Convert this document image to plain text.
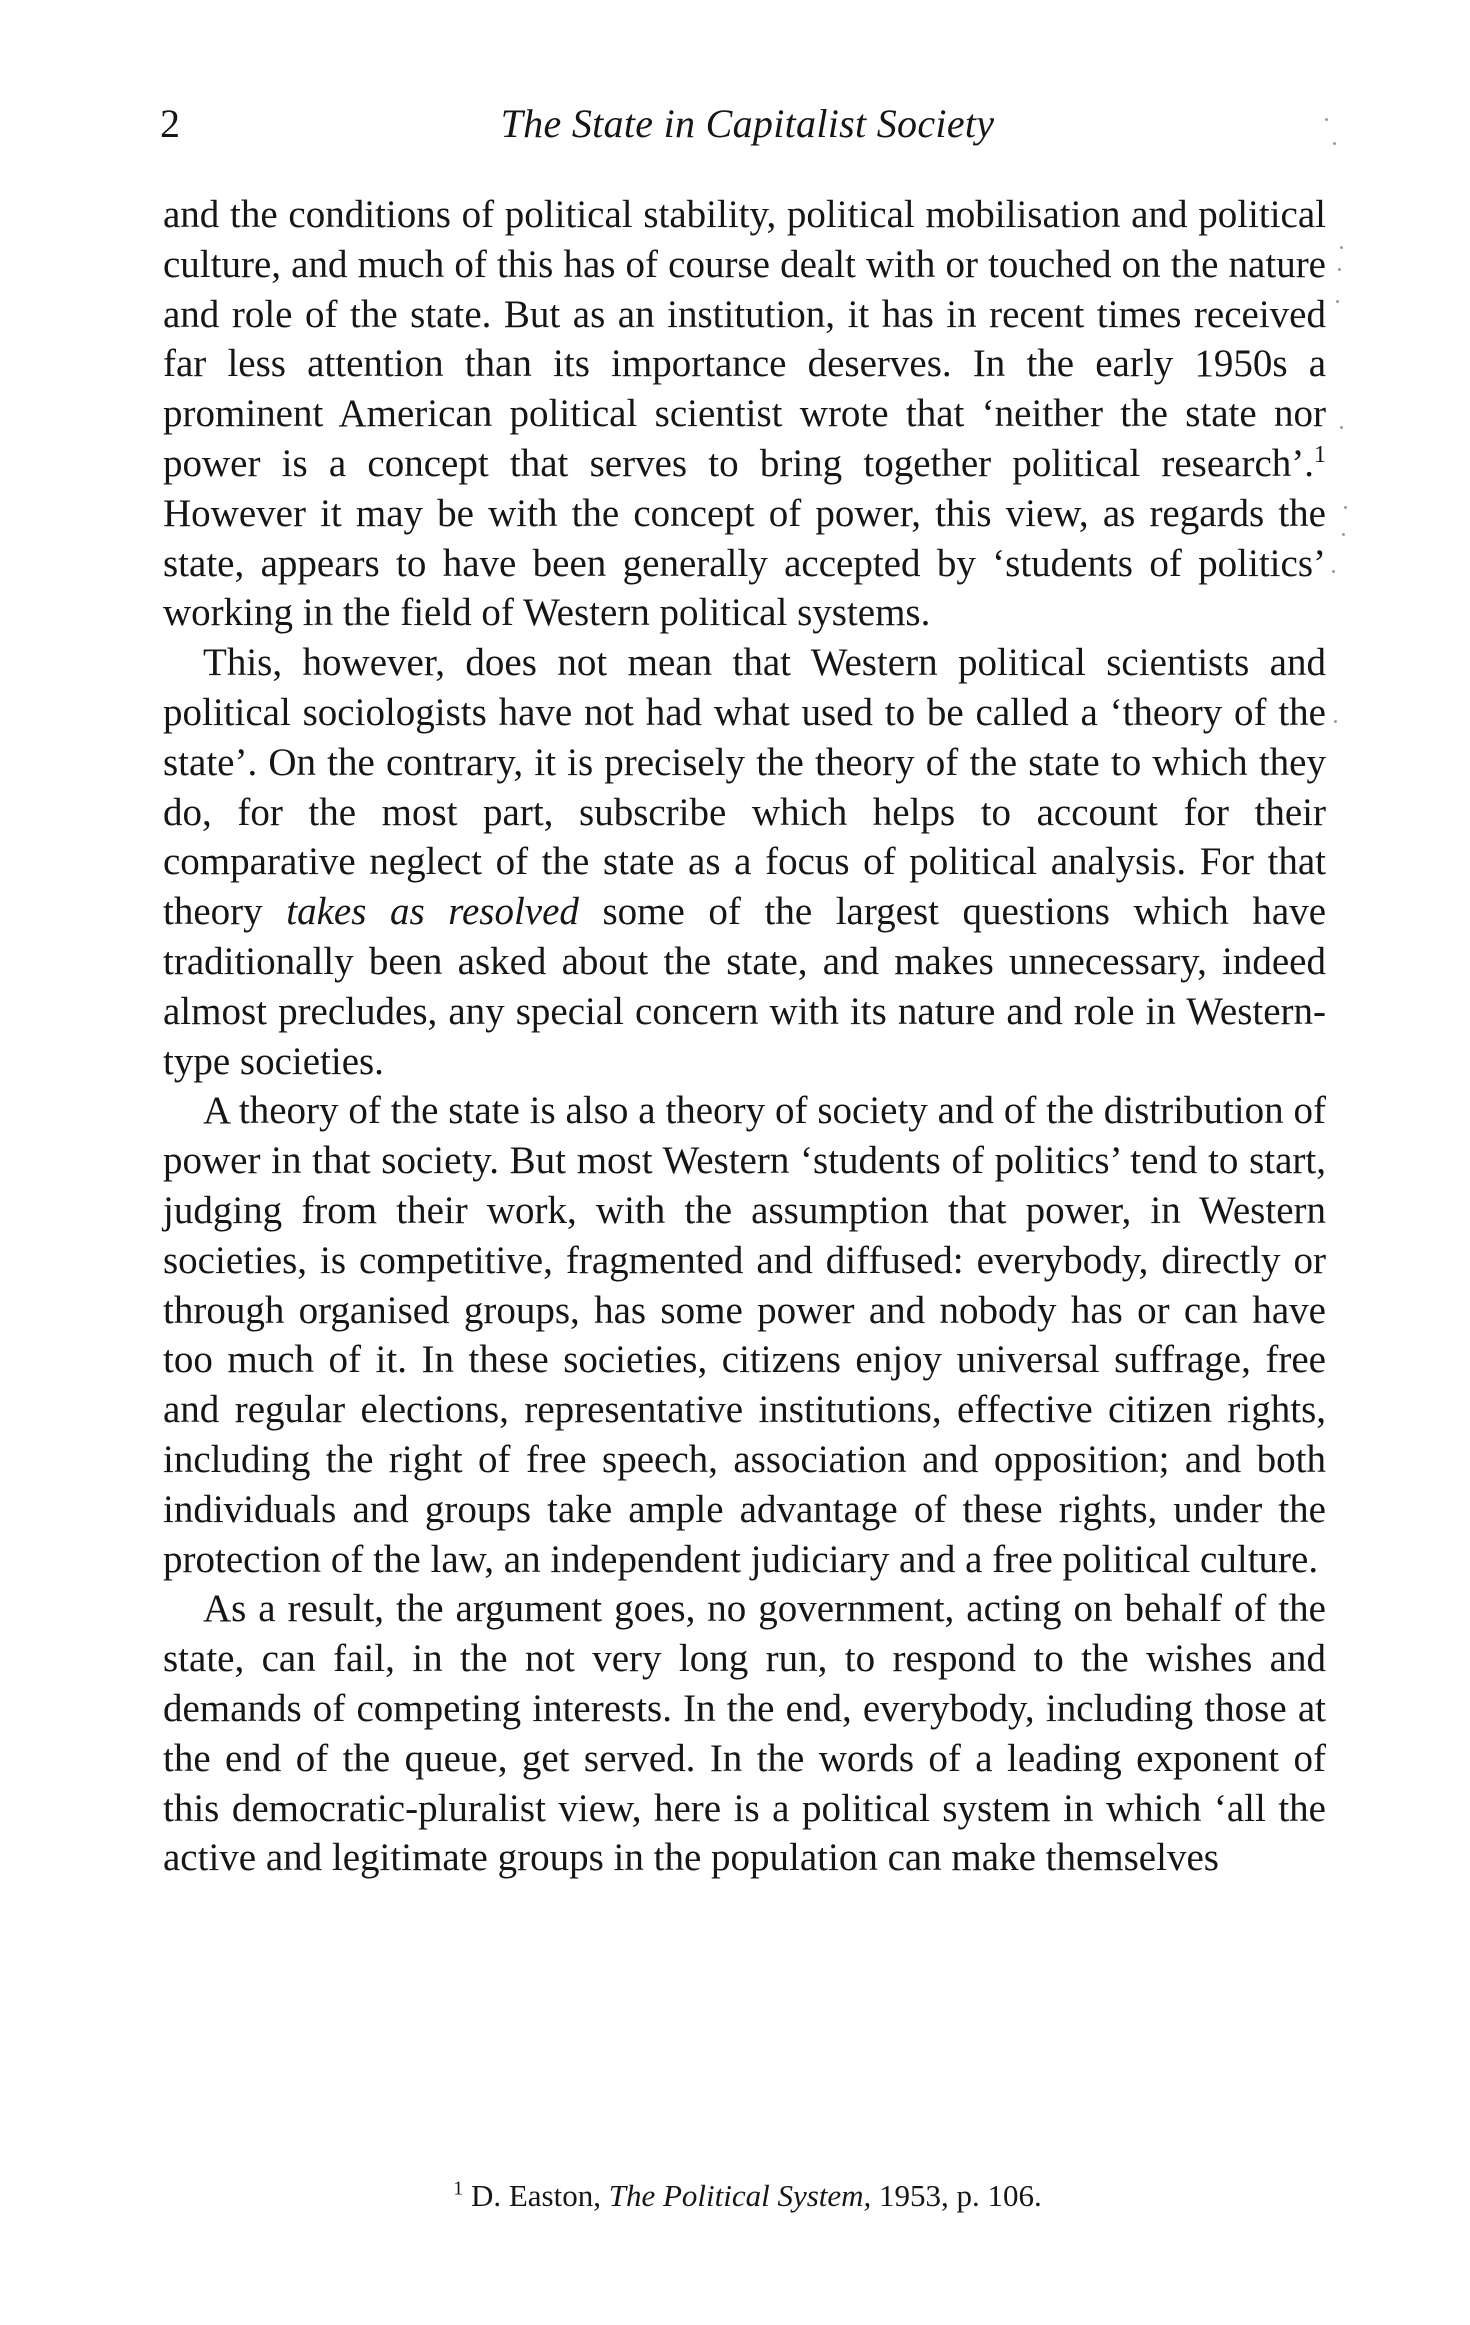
2	The State in Capitalist Society

and the conditions of political stability, political mobilisation and political culture, and much of this has of course dealt with or touched on the nature and role of the state. But as an institution, it has in recent times received far less attention than its importance deserves. In the early 1950s a prominent American political scientist wrote that ‘neither the state nor power is a concept that serves to bring together political research’.$^1$ However it may be with the concept of power, this view, as regards the state, appears to have been generally accepted by ‘students of politics’ working in the field of Western political systems.

This, however, does not mean that Western political scientists and political sociologists have not had what used to be called a ‘theory of the state’. On the contrary, it is precisely the theory of the state to which they do, for the most part, subscribe which helps to account for their comparative neglect of the state as a focus of political analysis. For that theory takes as resolved some of the largest questions which have traditionally been asked about the state, and makes unnecessary, indeed almost precludes, any special concern with its nature and role in Western-type societies.

A theory of the state is also a theory of society and of the distribution of power in that society. But most Western ‘students of politics’ tend to start, judging from their work, with the assumption that power, in Western societies, is competitive, fragmented and diffused: everybody, directly or through organised groups, has some power and nobody has or can have too much of it. In these societies, citizens enjoy universal suffrage, free and regular elections, representative institutions, effective citizen rights, including the right of free speech, association and opposition; and both individuals and groups take ample advantage of these rights, under the protection of the law, an independent judiciary and a free political culture.

As a result, the argument goes, no government, acting on behalf of the state, can fail, in the not very long run, to respond to the wishes and demands of competing interests. In the end, everybody, including those at the end of the queue, get served. In the words of a leading exponent of this democratic-pluralist view, here is a political system in which ‘all the active and legitimate groups in the population can make themselves

$^1$ D. Easton, The Political System, 1953, p. 106.
